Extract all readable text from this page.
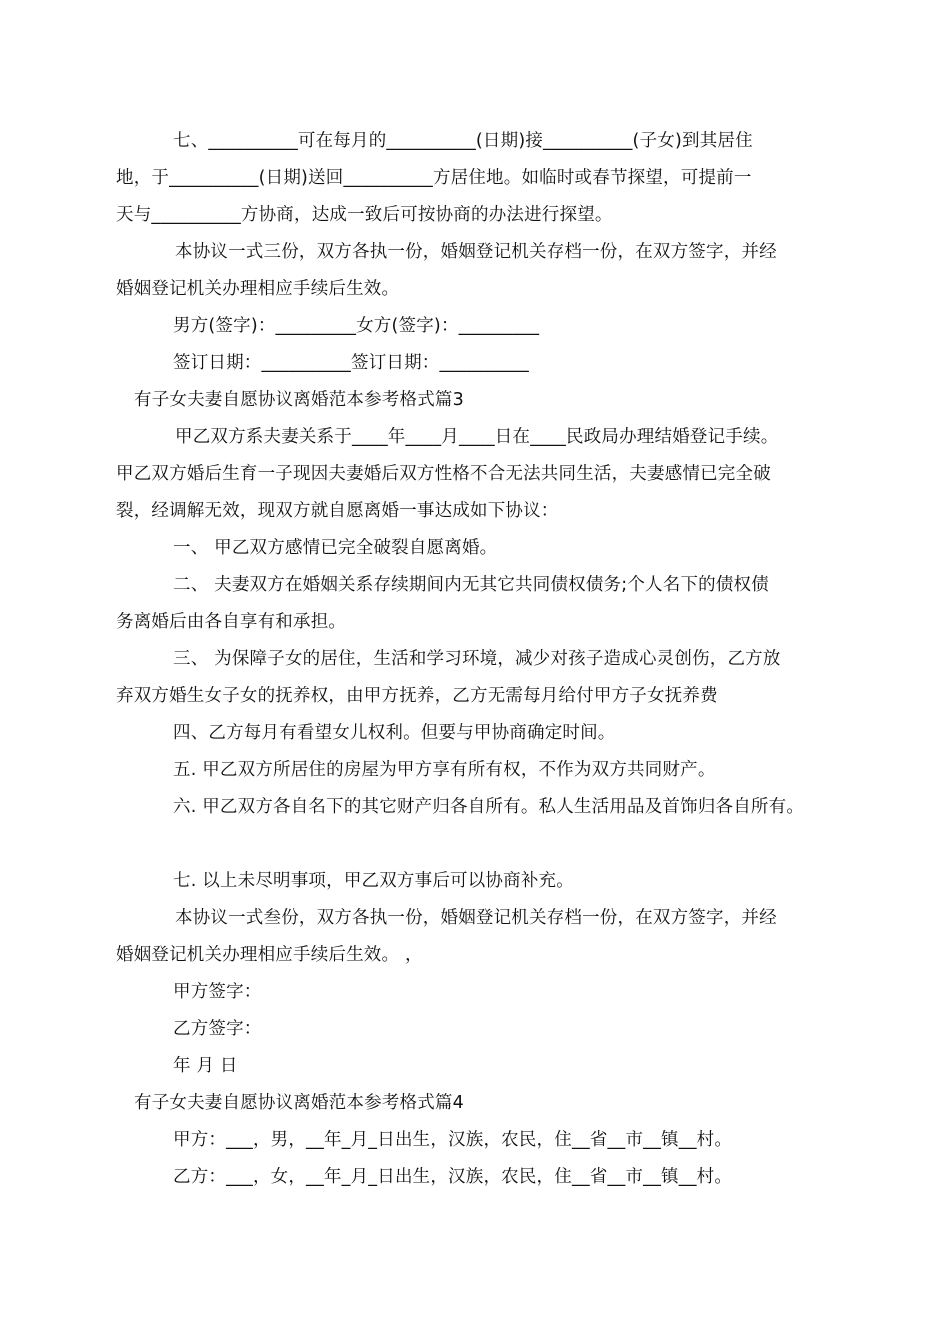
七、__________可在每月的__________(日期)接__________(子女)到其居住
地，于__________(日期)送回__________方居住地。如临时或春节探望，可提前一
天与__________方协商，达成一致后可按协商的办法进行探望。
本协议一式三份，双方各执一份，婚姻登记机关存档一份，在双方签字，并经
婚姻登记机关办理相应手续后生效。
男方(签字)：_________女方(签字)：_________
签订日期：__________签订日期：__________
有子女夫妻自愿协议离婚范本参考格式篇3
甲乙双方系夫妻关系于____年____月____日在____民政局办理结婚登记手续。
甲乙双方婚后生育一子现因夫妻婚后双方性格不合无法共同生活，夫妻感情已完全破
裂，经调解无效，现双方就自愿离婚一事达成如下协议：
一、 甲乙双方感情已完全破裂自愿离婚。
二、 夫妻双方在婚姻关系存续期间内无其它共同债权债务;个人名下的债权债
务离婚后由各自享有和承担。
三、 为保障子女的居住，生活和学习环境，减少对孩子造成心灵创伤，乙方放
弃双方婚生女子女的抚养权，由甲方抚养，乙方无需每月给付甲方子女抚养费
四、乙方每月有看望女儿权利。但要与甲协商确定时间。
五. 甲乙双方所居住的房屋为甲方享有所有权，不作为双方共同财产。
六. 甲乙双方各自名下的其它财产归各自所有。私人生活用品及首饰归各自所有。
七. 以上未尽明事项，甲乙双方事后可以协商补充。
本协议一式叁份，双方各执一份，婚姻登记机关存档一份，在双方签字，并经
婚姻登记机关办理相应手续后生效。 ，
甲方签字：
乙方签字：
年 月 日
有子女夫妻自愿协议离婚范本参考格式篇4
甲方：___，男，__年_月_日出生，汉族，农民，住__省__市__镇__村。
乙方：___，女，__年_月_日出生，汉族，农民，住__省__市__镇__村。
